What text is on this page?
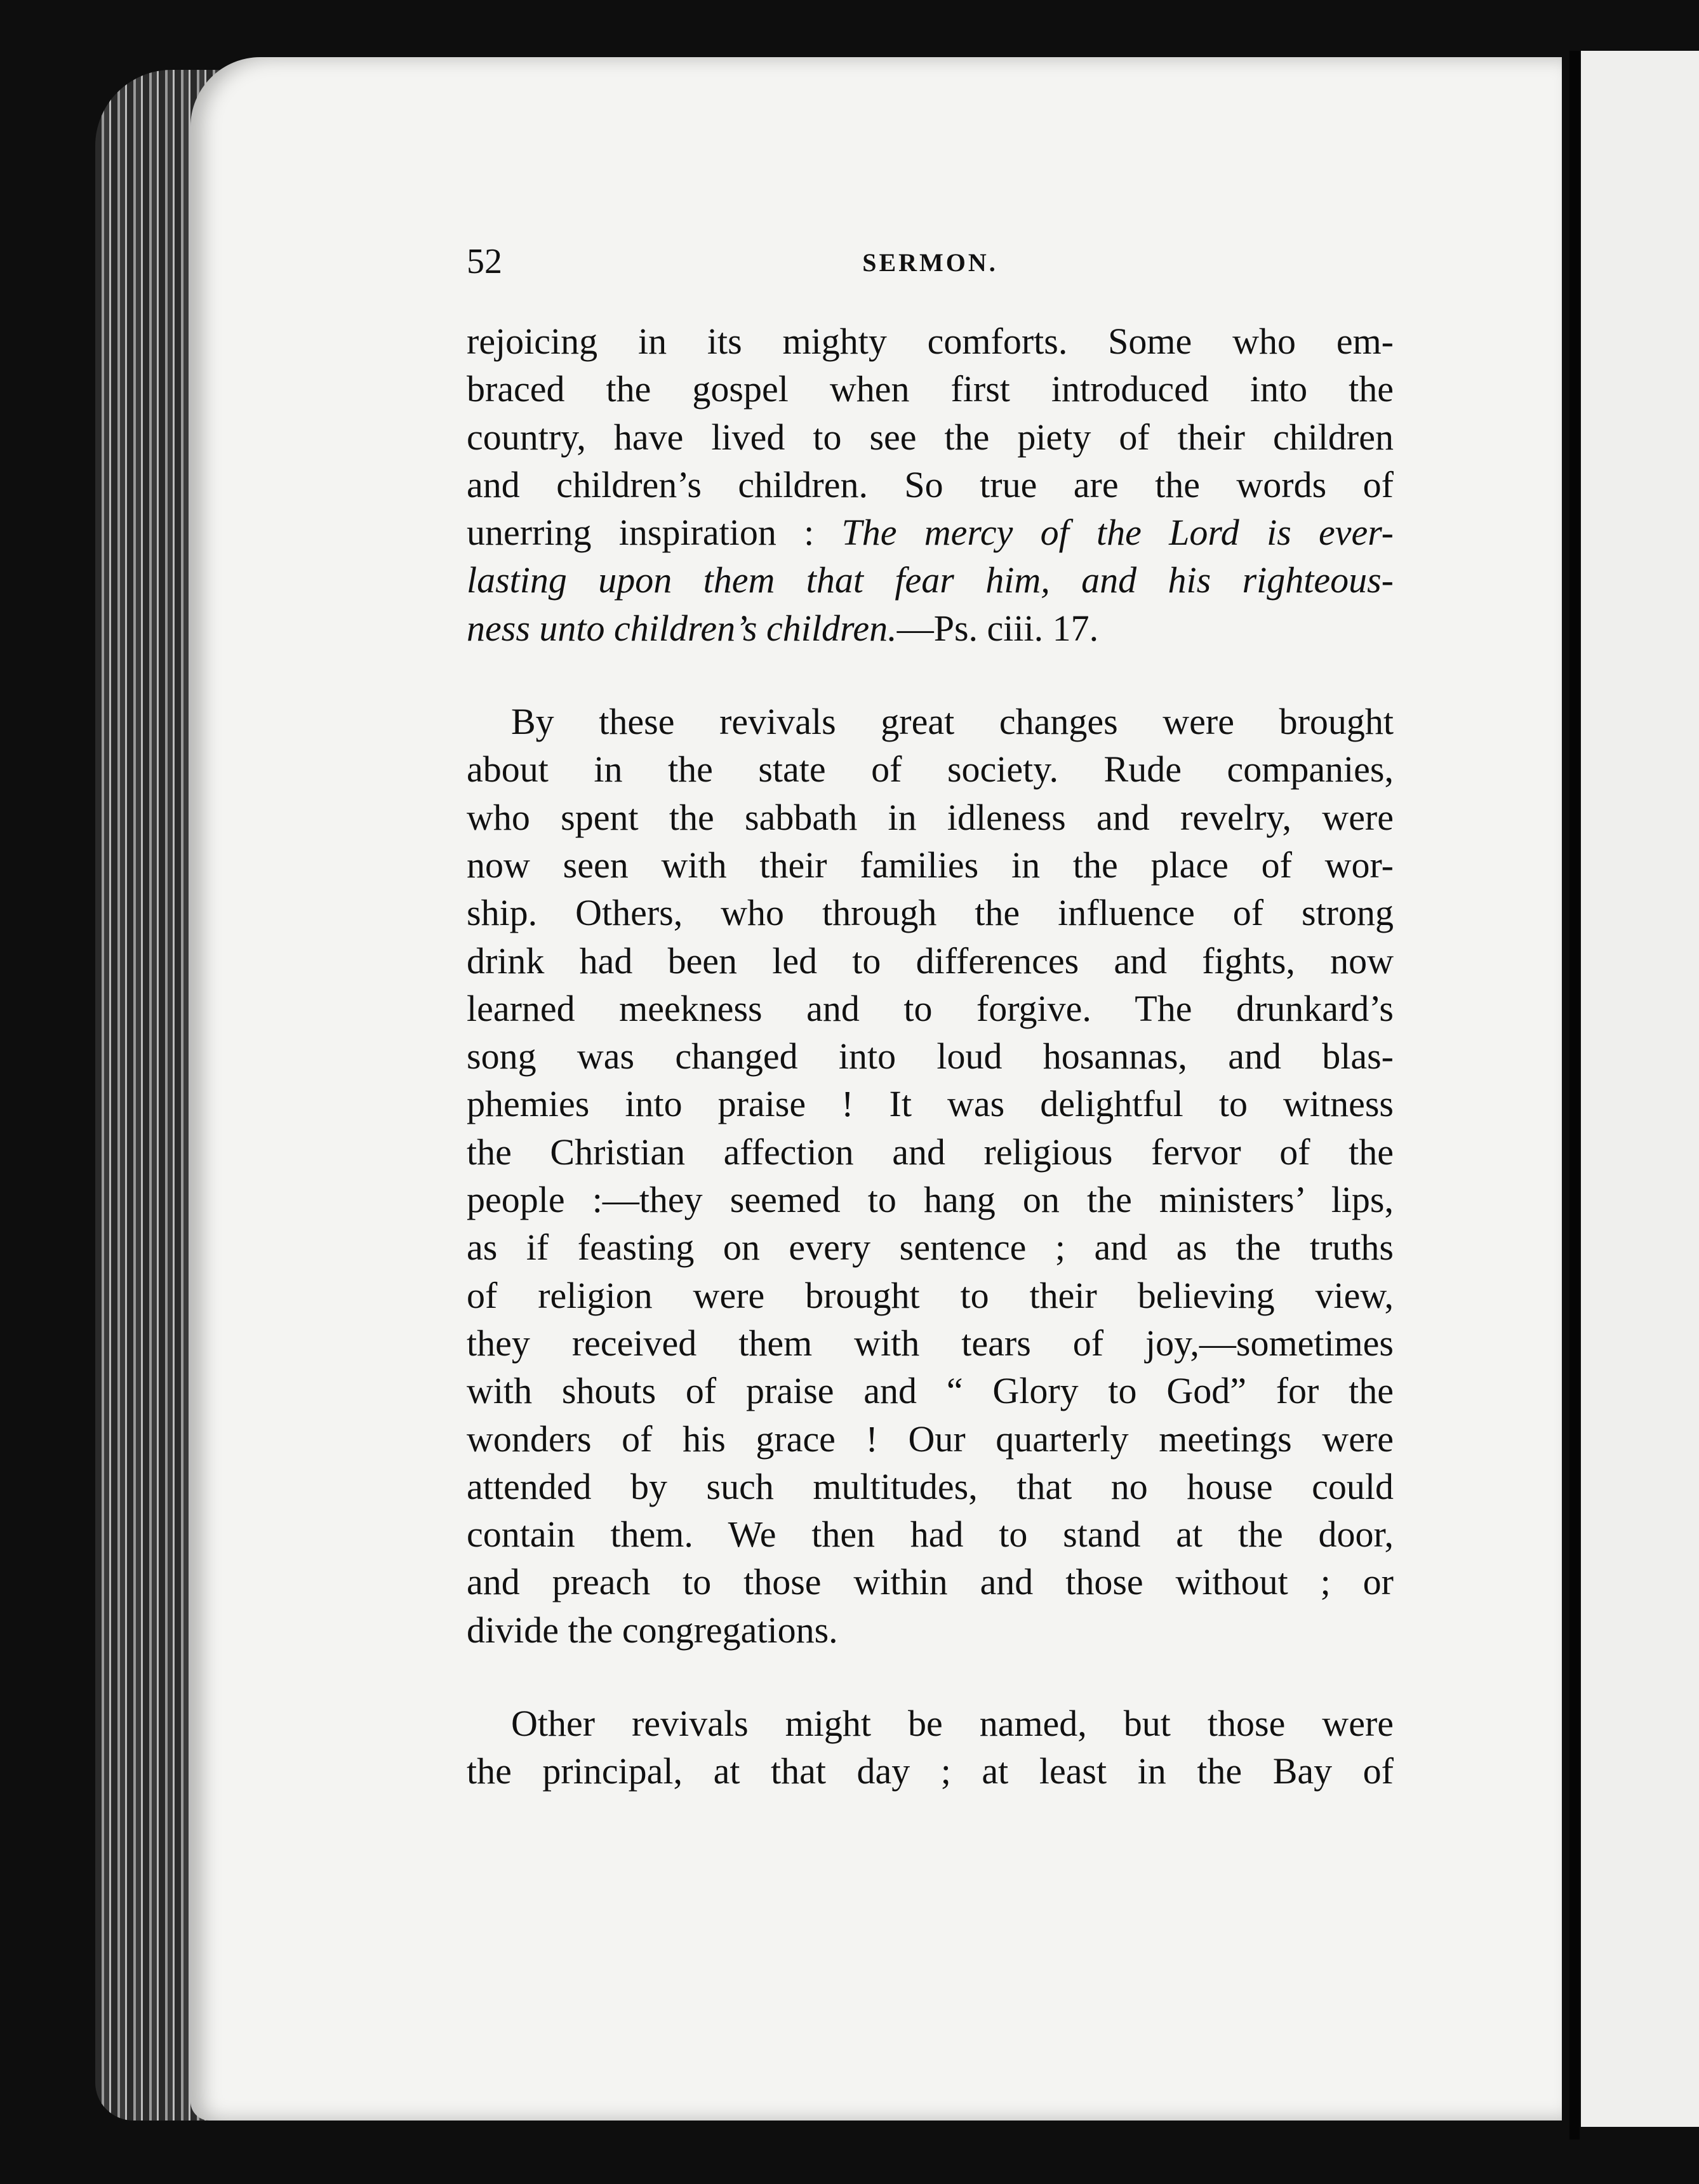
52	SERMON.
rejoicing in its mighty comforts. Some who em-
braced the gospel when first introduced into the
country, have lived to see the piety of their children
and children’s children. So true are the words of
unerring inspiration : The mercy of the Lord is ever-
lasting upon them that fear him, and his righteous-
ness unto children’s children.—Ps. ciii. 17.
By these revivals great changes were brought
about in the state of society. Rude companies,
who spent the sabbath in idleness and revelry, were
now seen with their families in the place of wor-
ship. Others, who through the influence of strong
drink had been led to differences and fights, now
learned meekness and to forgive. The drunkard’s
song was changed into loud hosannas, and blas-
phemies into praise ! It was delightful to witness
the Christian affection and religious fervor of the
people :—they seemed to hang on the ministers’ lips,
as if feasting on every sentence ; and as the truths
of religion were brought to their believing view,
they received them with tears of joy,—sometimes
with shouts of praise and “ Glory to God” for the
wonders of his grace ! Our quarterly meetings were
attended by such multitudes, that no house could
contain them. We then had to stand at the door,
and preach to those within and those without ; or
divide the congregations.
Other revivals might be named, but those were
the principal, at that day ; at least in the Bay of
